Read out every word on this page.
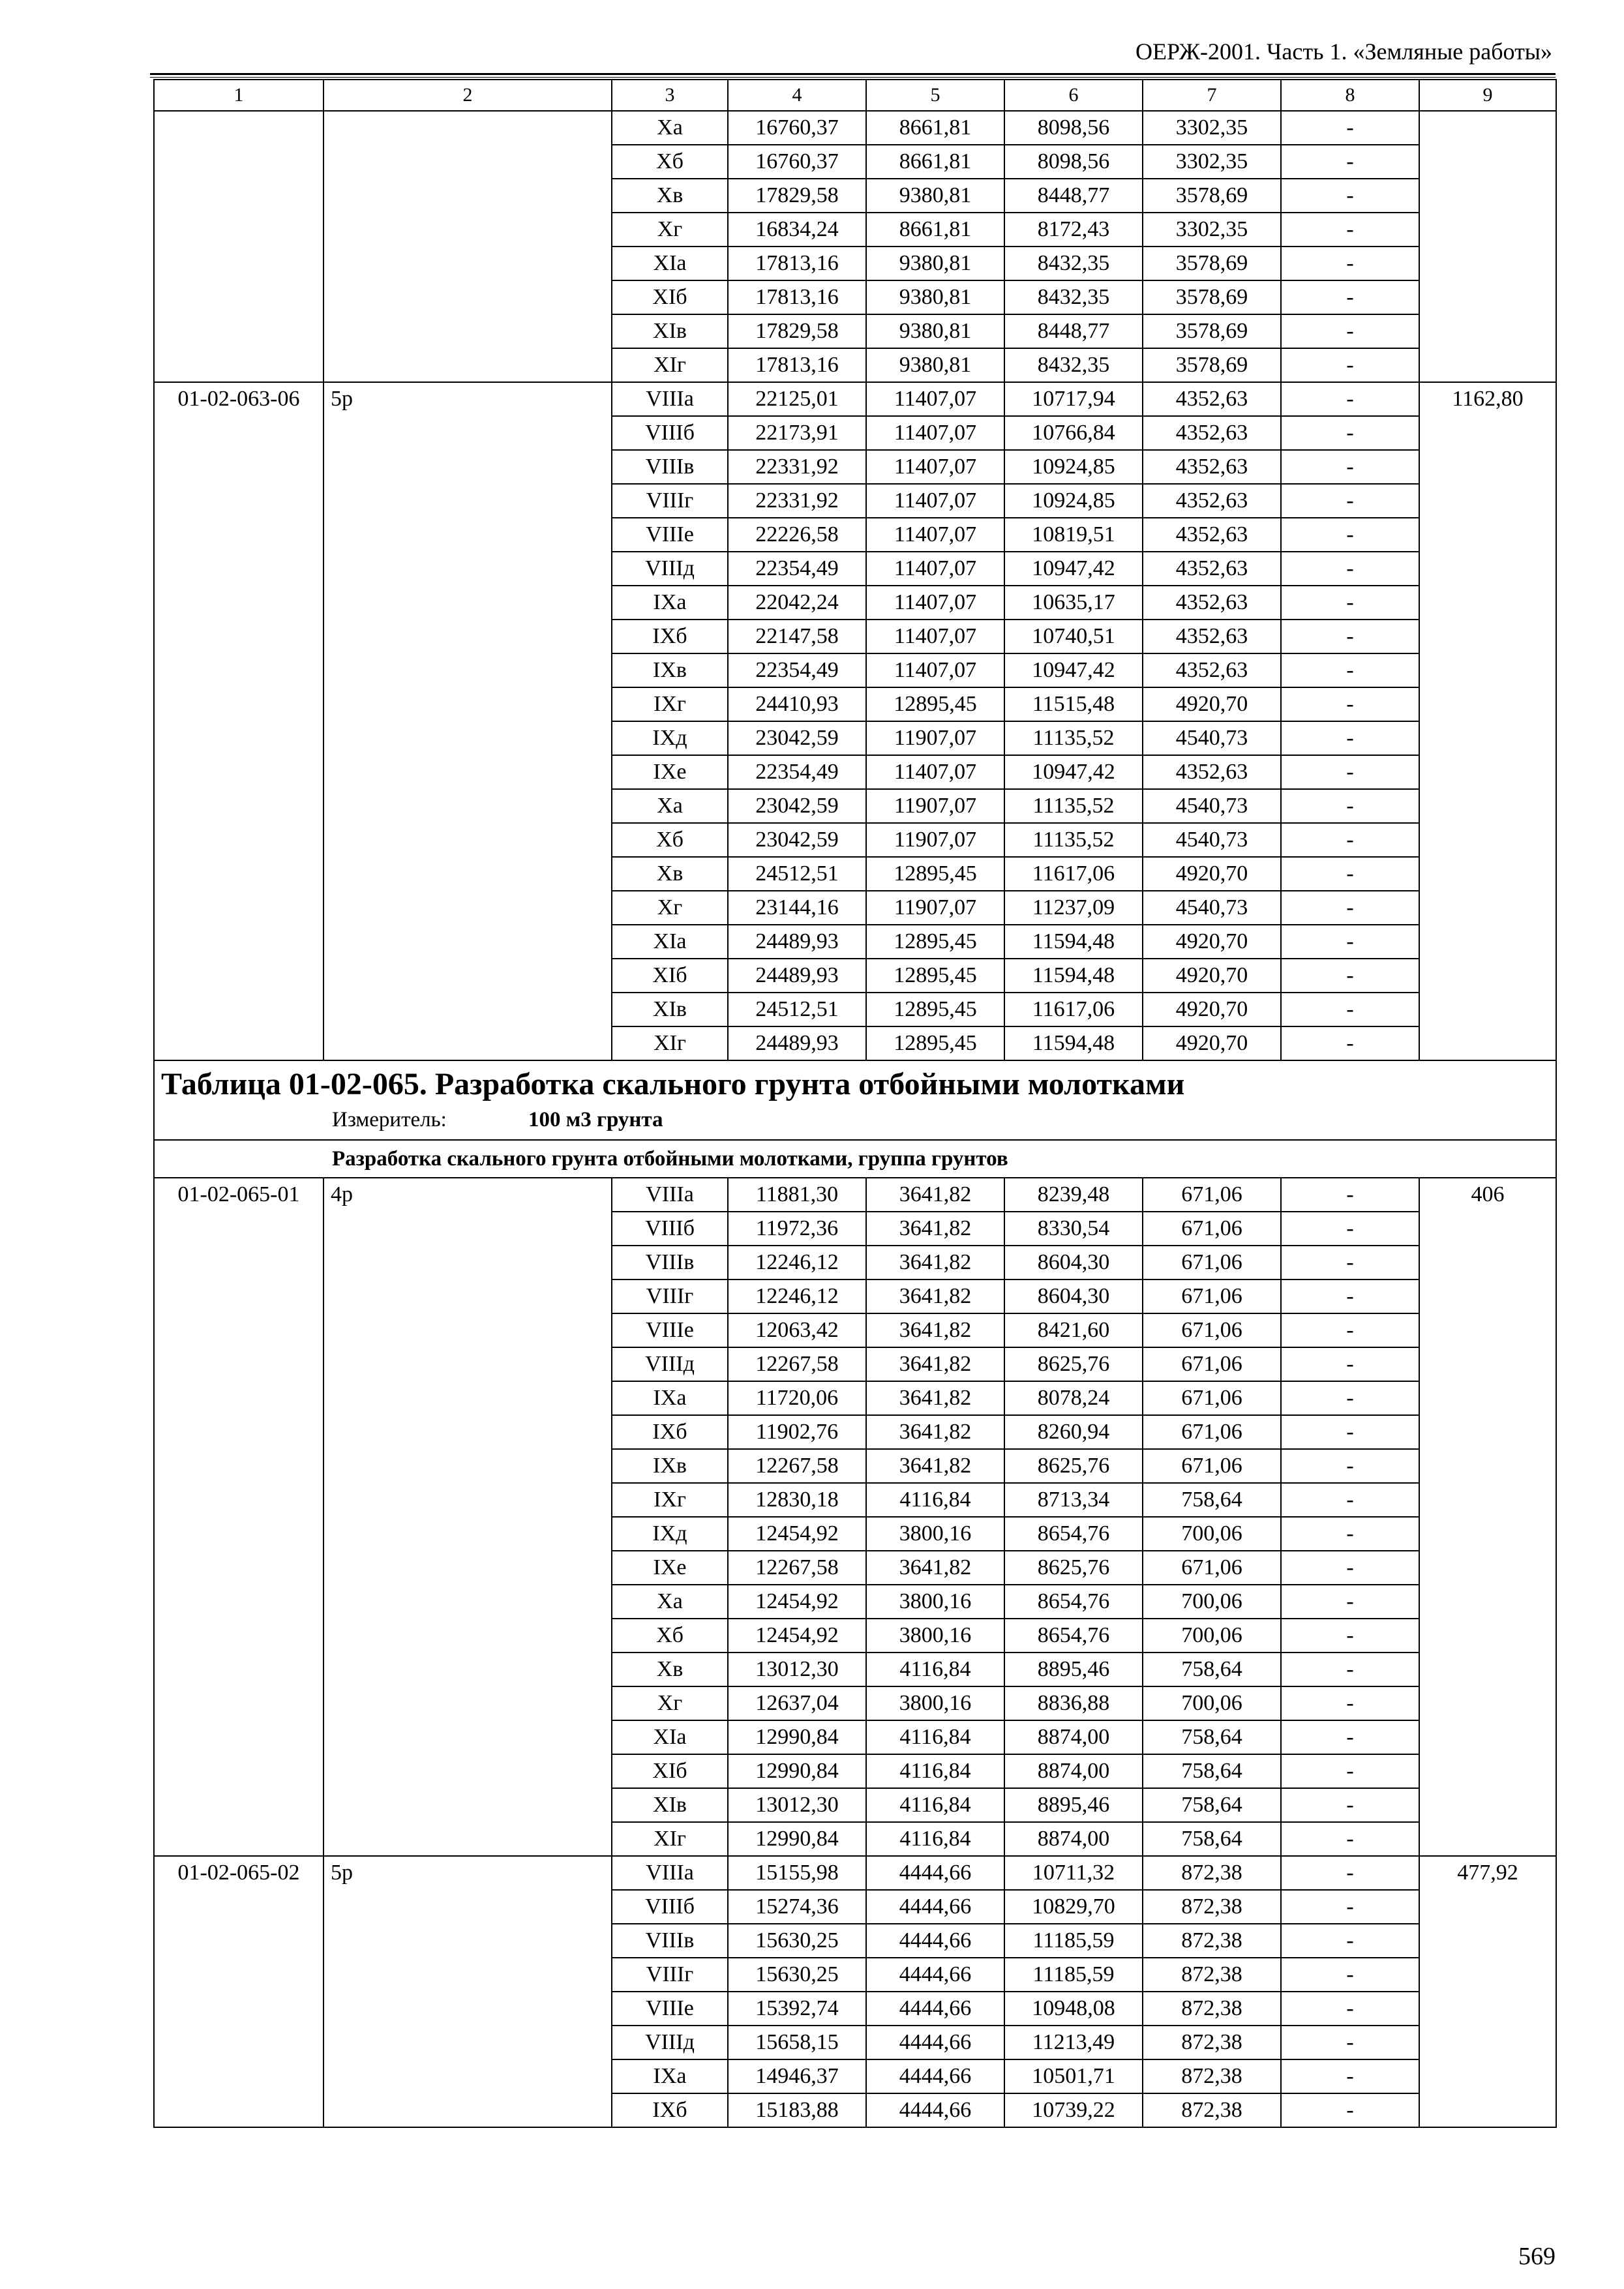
ОЕРЖ-2001. Часть 1. «Земляные работы»
1	2	3	4	5	6	7	8	9
		Ха	16760,37	8661,81	8098,56	3302,35	-	
		Хб	16760,37	8661,81	8098,56	3302,35	-	
		Хв	17829,58	9380,81	8448,77	3578,69	-	
		Хг	16834,24	8661,81	8172,43	3302,35	-	
		ХIа	17813,16	9380,81	8432,35	3578,69	-	
		ХIб	17813,16	9380,81	8432,35	3578,69	-	
		ХIв	17829,58	9380,81	8448,77	3578,69	-	
		ХIг	17813,16	9380,81	8432,35	3578,69	-	
01-02-063-06	5р	VIIIа	22125,01	11407,07	10717,94	4352,63	-	1162,80
		VIIIб	22173,91	11407,07	10766,84	4352,63	-	
		VIIIв	22331,92	11407,07	10924,85	4352,63	-	
		VIIIг	22331,92	11407,07	10924,85	4352,63	-	
		VIIIе	22226,58	11407,07	10819,51	4352,63	-	
		VIIIд	22354,49	11407,07	10947,42	4352,63	-	
		IХа	22042,24	11407,07	10635,17	4352,63	-	
		IХб	22147,58	11407,07	10740,51	4352,63	-	
		IХв	22354,49	11407,07	10947,42	4352,63	-	
		IХг	24410,93	12895,45	11515,48	4920,70	-	
		IХд	23042,59	11907,07	11135,52	4540,73	-	
		IХе	22354,49	11407,07	10947,42	4352,63	-	
		Ха	23042,59	11907,07	11135,52	4540,73	-	
		Хб	23042,59	11907,07	11135,52	4540,73	-	
		Хв	24512,51	12895,45	11617,06	4920,70	-	
		Хг	23144,16	11907,07	11237,09	4540,73	-	
		ХIа	24489,93	12895,45	11594,48	4920,70	-	
		ХIб	24489,93	12895,45	11594,48	4920,70	-	
		ХIв	24512,51	12895,45	11617,06	4920,70	-	
		ХIг	24489,93	12895,45	11594,48	4920,70	-	

Таблица 01-02-065. Разработка скального грунта отбойными молотками
Измеритель: 100 м3 грунта								

Разработка скального грунта отбойными молотками, группа грунтов								
01-02-065-01	4р	VIIIа	11881,30	3641,82	8239,48	671,06	-	406
		VIIIб	11972,36	3641,82	8330,54	671,06	-	
		VIIIв	12246,12	3641,82	8604,30	671,06	-	
		VIIIг	12246,12	3641,82	8604,30	671,06	-	
		VIIIе	12063,42	3641,82	8421,60	671,06	-	
		VIIIд	12267,58	3641,82	8625,76	671,06	-	
		IХа	11720,06	3641,82	8078,24	671,06	-	
		IХб	11902,76	3641,82	8260,94	671,06	-	
		IХв	12267,58	3641,82	8625,76	671,06	-	
		IХг	12830,18	4116,84	8713,34	758,64	-	
		IХд	12454,92	3800,16	8654,76	700,06	-	
		IХе	12267,58	3641,82	8625,76	671,06	-	
		Ха	12454,92	3800,16	8654,76	700,06	-	
		Хб	12454,92	3800,16	8654,76	700,06	-	
		Хв	13012,30	4116,84	8895,46	758,64	-	
		Хг	12637,04	3800,16	8836,88	700,06	-	
		ХIа	12990,84	4116,84	8874,00	758,64	-	
		ХIб	12990,84	4116,84	8874,00	758,64	-	
		ХIв	13012,30	4116,84	8895,46	758,64	-	
		ХIг	12990,84	4116,84	8874,00	758,64	-	
01-02-065-02	5р	VIIIа	15155,98	4444,66	10711,32	872,38	-	477,92
		VIIIб	15274,36	4444,66	10829,70	872,38	-	
		VIIIв	15630,25	4444,66	11185,59	872,38	-	
		VIIIг	15630,25	4444,66	11185,59	872,38	-	
		VIIIе	15392,74	4444,66	10948,08	872,38	-	
		VIIIд	15658,15	4444,66	11213,49	872,38	-	
		IХа	14946,37	4444,66	10501,71	872,38	-	
		IХб	15183,88	4444,66	10739,22	872,38	-	
569
